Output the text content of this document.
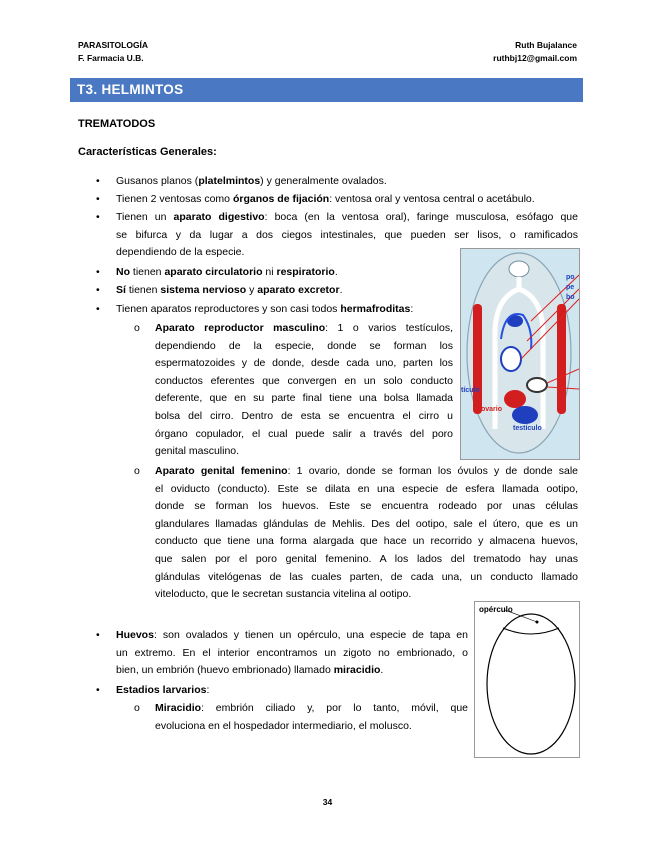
PARASITOLOGÍA
F. Farmacia U.B.
Ruth Bujalance
ruthbj12@gmail.com
T3. HELMINTOS
TREMATODOS
Características Generales:
• Gusanos planos (platelmintos) y generalmente ovalados.
• Tienen 2 ventosas como órganos de fijación: ventosa oral y ventosa central o acetábulo.
• Tienen un aparato digestivo: boca (en la ventosa oral), faringe musculosa, esófago que
se bifurca y da lugar a dos ciegos intestinales, que pueden ser lisos, o ramificados
dependiendo de la especie.
• No tienen aparato circulatorio ni respiratorio.
• Sí tienen sistema nervioso y aparato excretor.
• Tienen aparatos reproductores y son casi todos hermafroditas:
o Aparato reproductor masculino: 1 o varios testículos,
dependiendo de la especie, donde se forman los
espermatozoides y de donde, desde cada uno, parten los
conductos eferentes que convergen en un solo conducto
deferente, que en su parte final tiene una bolsa llamada
bolsa del cirro. Dentro de esta se encuentra el cirro u
órgano copulador, el cual puede salir a través del poro
genital masculino.
o Aparato genital femenino: 1 ovario, donde se forman los óvulos y de donde sale
el oviducto (conducto). Este se dilata en una especie de esfera llamada ootipo,
donde se forman los huevos. Este se encuentra rodeado por unas células
glandulares llamadas glándulas de Mehlis. Des del ootipo, sale el útero, que es un
conducto que tiene una forma alargada que hace un recorrido y almacena huevos,
que salen por el poro genital femenino. A los lados del trematodo hay unas
glándulas vitelógenas de las cuales parten, de cada una, un conducto llamado
viteloducto, que le secretan sustancia vitelina al ootipo.
• Huevos: son ovalados y tienen un opérculo, una especie de tapa en
un extremo. En el interior encontramos un zigoto no embrionado, o
bien, un embrión (huevo embrionado) llamado miracidio.
• Estadios larvarios:
o Miracidio: embrión ciliado y, por lo tanto, móvil, que
evoluciona en el hospedador intermediario, el molusco.
po
pe
bo
tículo
ovario
testículo
opérculo
34
